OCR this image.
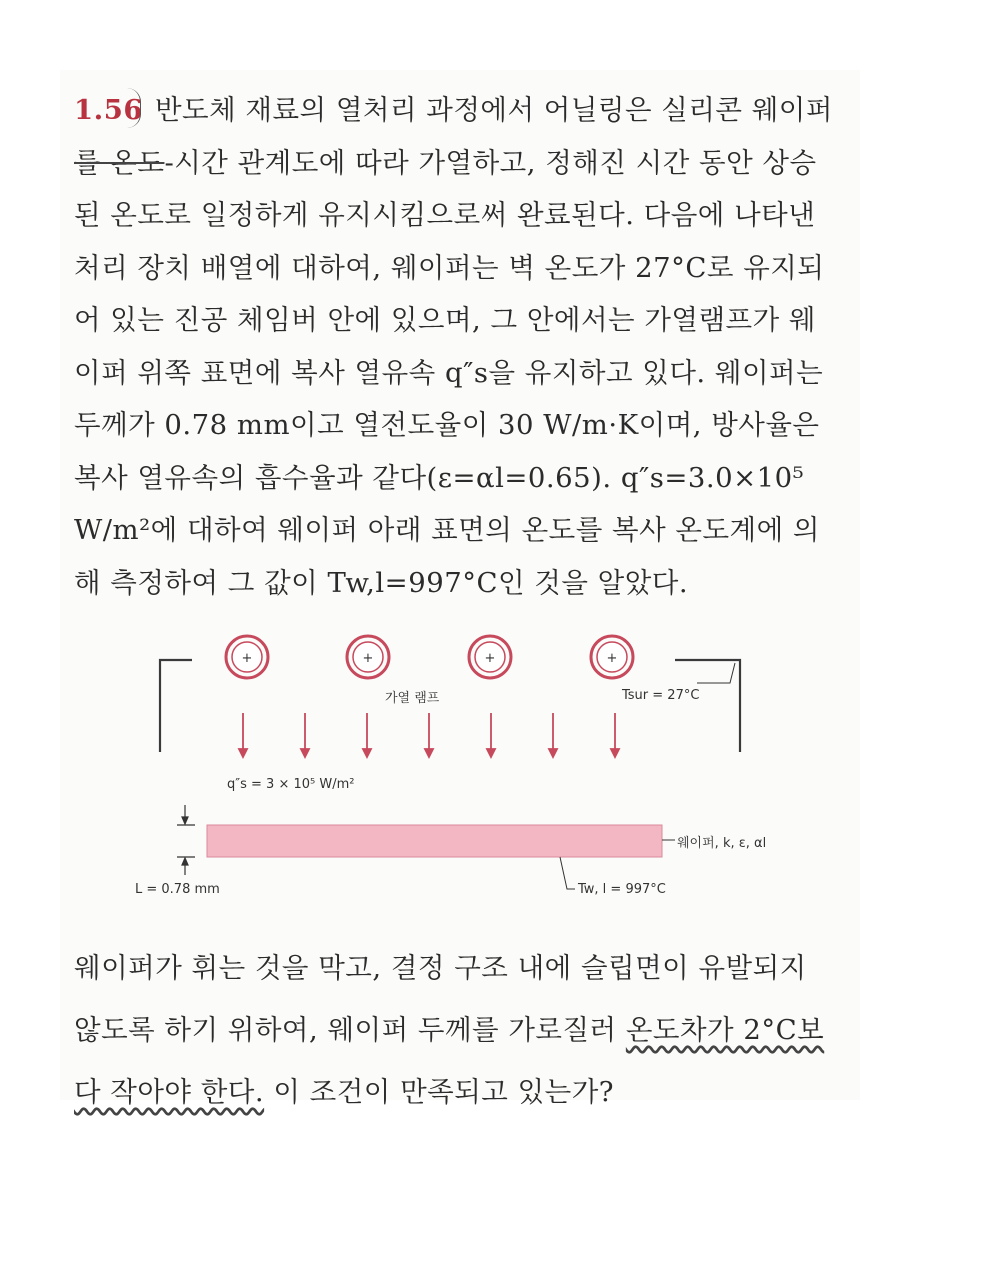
1.56 반도체 재료의 열처리 과정에서 어닐링은 실리콘 웨이퍼
를 온도-시간 관계도에 따라 가열하고, 정해진 시간 동안 상승
된 온도로 일정하게 유지시킴으로써 완료된다. 다음에 나타낸
처리 장치 배열에 대하여, 웨이퍼는 벽 온도가 27°C로 유지되
어 있는 진공 체임버 안에 있으며, 그 안에서는 가열램프가 웨
이퍼 위쪽 표면에 복사 열유속 q″s을 유지하고 있다. 웨이퍼는
두께가 0.78 mm이고 열전도율이 30 W/m·K이며, 방사율은
복사 열유속의 흡수율과 같다(ε=αl=0.65). q″s=3.0×10⁵
W/m²에 대하여 웨이퍼 아래 표면의 온도를 복사 온도계에 의
해 측정하여 그 값이 Tw,l=997°C인 것을 알았다.
+	+	+	+
가열 램프	Tsur = 27°C
q″s = 3 × 10⁵ W/m²
웨이퍼, k, ε, αl
Tw, l = 997°C
L = 0.78 mm
웨이퍼가 휘는 것을 막고, 결정 구조 내에 슬립면이 유발되지
않도록 하기 위하여, 웨이퍼 두께를 가로질러 온도차가 2°C보
다 작아야 한다. 이 조건이 만족되고 있는가?
